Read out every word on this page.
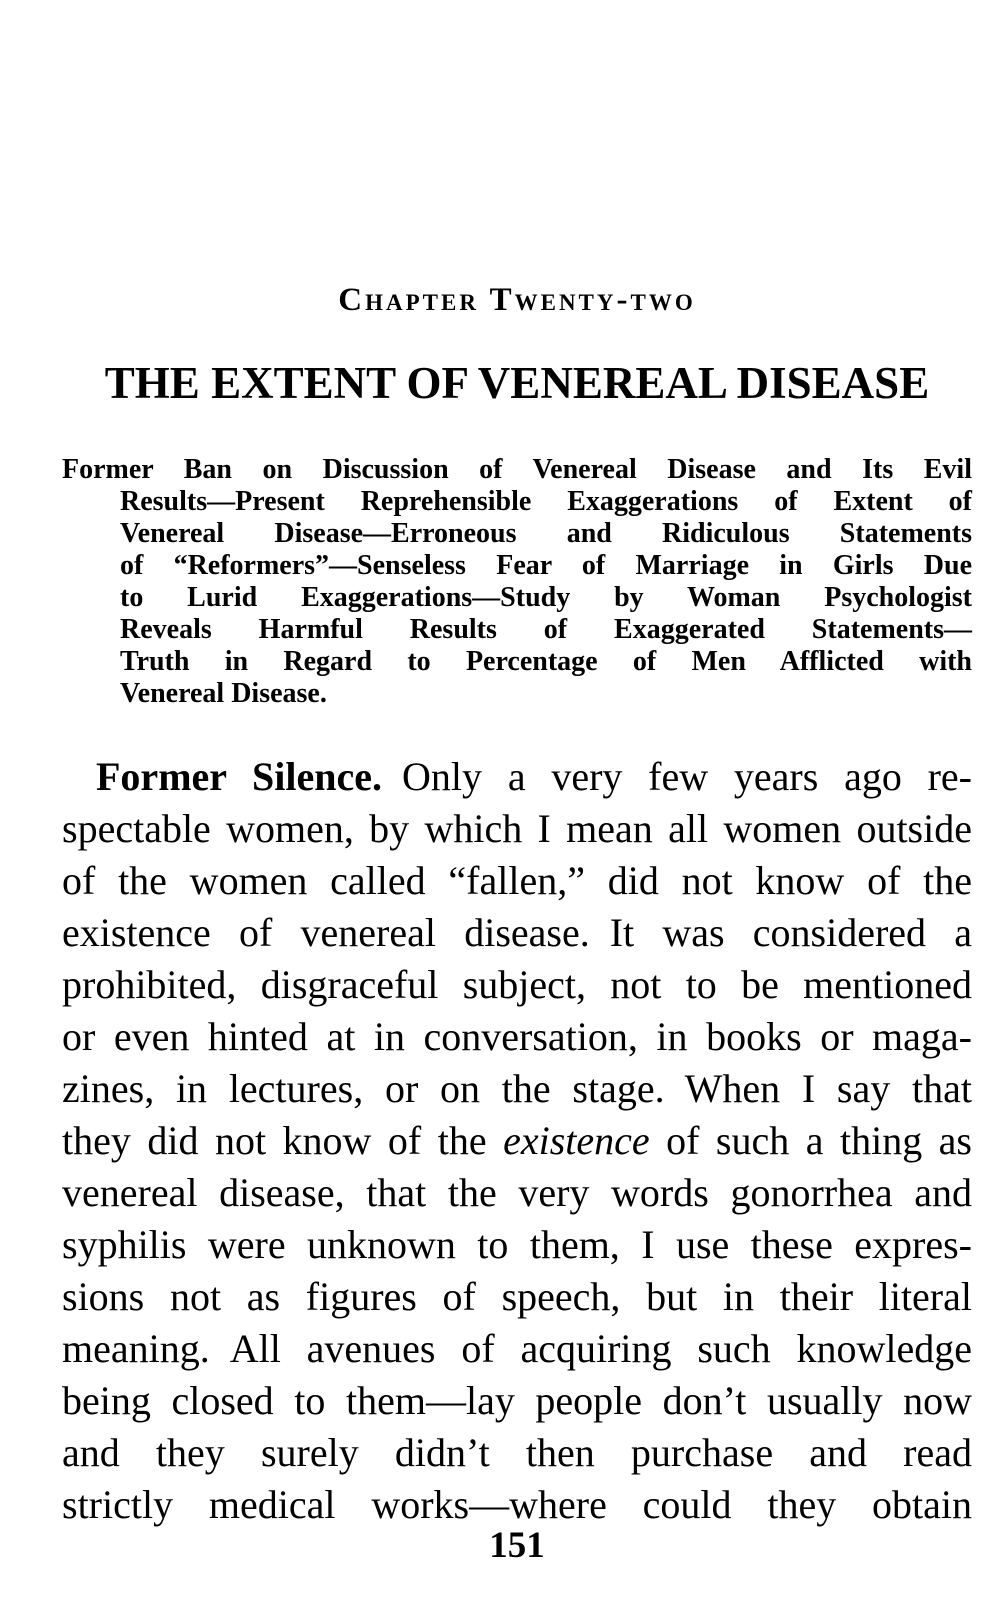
Chapter Twenty-two
THE EXTENT OF VENEREAL DISEASE
Former Ban on Discussion of Venereal Disease and Its Evil
Results—Present Reprehensible Exaggerations of Extent of
Venereal Disease—Erroneous and Ridiculous Statements
of “Reformers”—Senseless Fear of Marriage in Girls Due
to Lurid Exaggerations—Study by Woman Psychologist
Reveals Harmful Results of Exaggerated Statements—
Truth in Regard to Percentage of Men Afflicted with
Venereal Disease.
Former Silence. Only a very few years ago re-
spectable women, by which I mean all women outside
of the women called “fallen,” did not know of the
existence of venereal disease. It was considered a
prohibited, disgraceful subject, not to be mentioned
or even hinted at in conversation, in books or maga-
zines, in lectures, or on the stage. When I say that
they did not know of the existence of such a thing as
venereal disease, that the very words gonorrhea and
syphilis were unknown to them, I use these expres-
sions not as figures of speech, but in their literal
meaning. All avenues of acquiring such knowledge
being closed to them—lay people don’t usually now
and they surely didn’t then purchase and read
strictly medical works—where could they obtain
151
